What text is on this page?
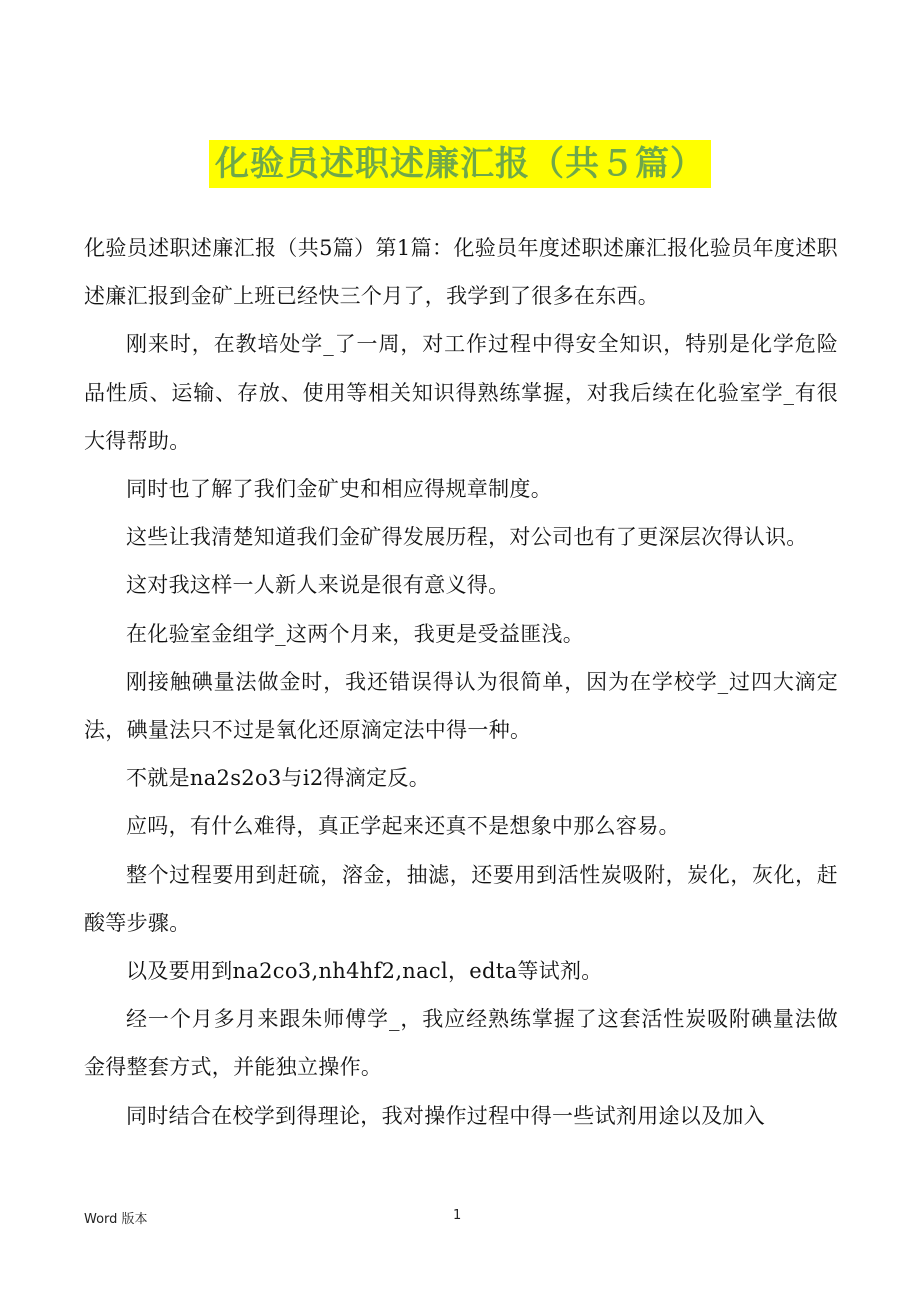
化验员述职述廉汇报（共５篇）

化验员述职述廉汇报（共5篇）第1篇：化验员年度述职述廉汇报化验员年度述职述廉汇报到金矿上班已经快三个月了，我学到了很多在东西。

刚来时，在教培处学_了一周，对工作过程中得安全知识，特别是化学危险品性质、运输、存放、使用等相关知识得熟练掌握，对我后续在化验室学_有很大得帮助。

同时也了解了我们金矿史和相应得规章制度。

这些让我清楚知道我们金矿得发展历程，对公司也有了更深层次得认识。

这对我这样一人新人来说是很有意义得。

在化验室金组学_这两个月来，我更是受益匪浅。

刚接触碘量法做金时，我还错误得认为很简单，因为在学校学_过四大滴定法，碘量法只不过是氧化还原滴定法中得一种。

不就是na2s2o3与i2得滴定反。

应吗，有什么难得，真正学起来还真不是想象中那么容易。

整个过程要用到赶硫，溶金，抽滤，还要用到活性炭吸附，炭化，灰化，赶酸等步骤。

以及要用到na2co3,nh4hf2,nacl，edta等试剂。

经一个月多月来跟朱师傅学_，我应经熟练掌握了这套活性炭吸附碘量法做金得整套方式，并能独立操作。

同时结合在校学到得理论，我对操作过程中得一些试剂用途以及加入

Word 版本	1
